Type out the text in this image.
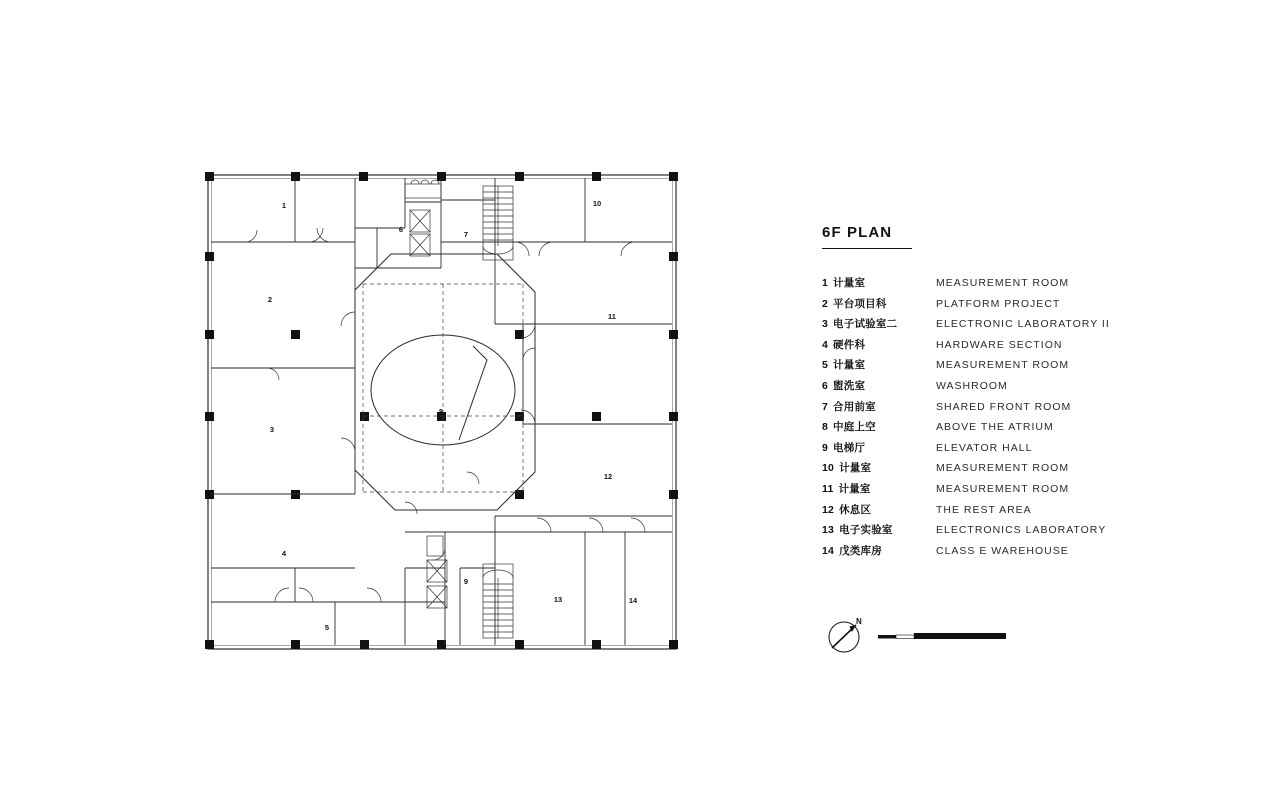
1
2
3
4
5
6
7
8
9
10
11
12
13	14
6F PLAN
1 计量室	MEASUREMENT ROOM
2 平台项目科	PLATFORM PROJECT
3 电子试验室二	ELECTRONIC LABORATORY II
4 硬件科	HARDWARE SECTION
5 计量室	MEASUREMENT ROOM
6 盥洗室	WASHROOM
7 合用前室	SHARED FRONT ROOM
8 中庭上空	ABOVE THE ATRIUM
9 电梯厅	ELEVATOR HALL
10 计量室	MEASUREMENT ROOM
11 计量室	MEASUREMENT ROOM
12 休息区	THE REST AREA
13 电子实验室	ELECTRONICS LABORATORY
14 戊类库房	CLASS E WAREHOUSE
N
